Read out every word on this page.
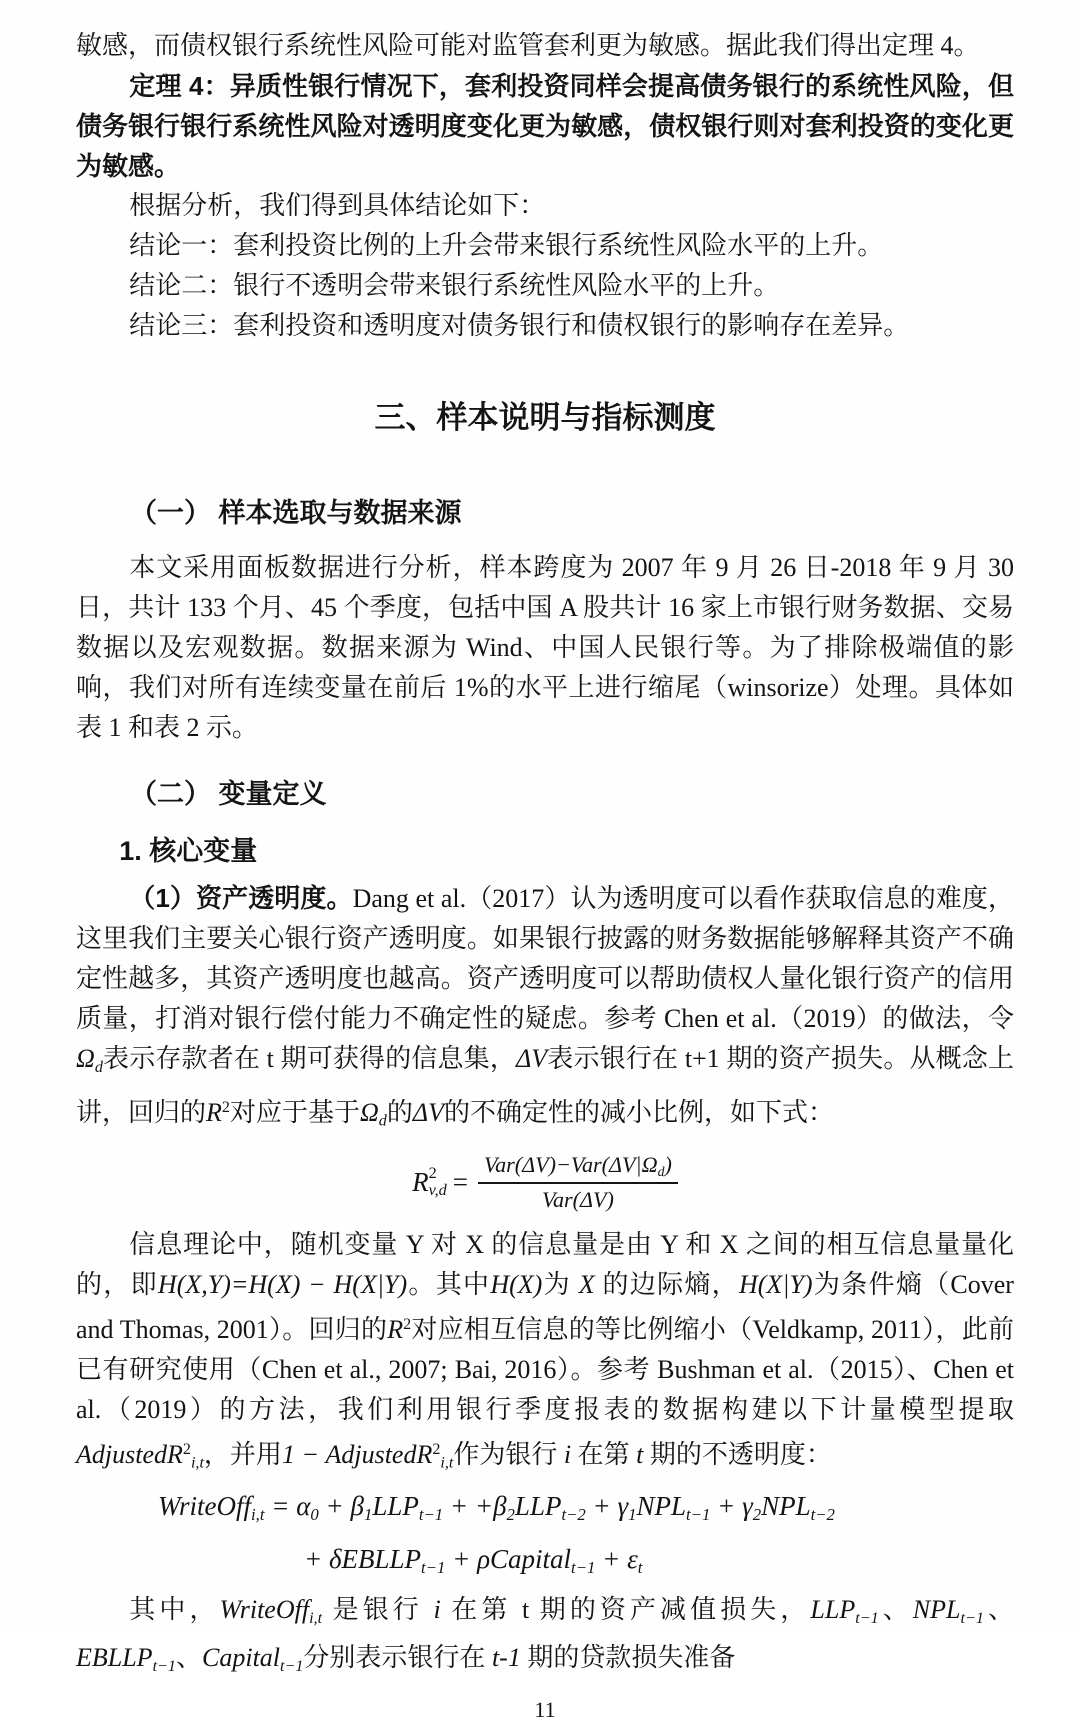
敏感，而债权银行系统性风险可能对监管套利更为敏感。据此我们得出定理 4。

定理 4：异质性银行情况下，套利投资同样会提高债务银行的系统性风险，但债务银行银行系统性风险对透明度变化更为敏感，债权银行则对套利投资的变化更为敏感。

根据分析，我们得到具体结论如下：

结论一：套利投资比例的上升会带来银行系统性风险水平的上升。

结论二：银行不透明会带来银行系统性风险水平的上升。

结论三：套利投资和透明度对债务银行和债权银行的影响存在差异。

三、样本说明与指标测度
（一） 样本选取与数据来源

本文采用面板数据进行分析，样本跨度为 2007 年 9 月 26 日-2018 年 9 月 30 日，共计 133 个月、45 个季度，包括中国 A 股共计 16 家上市银行财务数据、交易数据以及宏观数据。数据来源为 Wind、中国人民银行等。为了排除极端值的影响，我们对所有连续变量在前后 1%的水平上进行缩尾（winsorize）处理。具体如表 1 和表 2 示。

（二） 变量定义
1. 核心变量

（1）资产透明度。Dang et al.（2017）认为透明度可以看作获取信息的难度，这里我们主要关心银行资产透明度。如果银行披露的财务数据能够解释其资产不确定性越多，其资产透明度也越高。资产透明度可以帮助债权人量化银行资产的信用质量，打消对银行偿付能力不确定性的疑虑。参考 Chen et al.（2019）的做法，令$\Omega_d$表示存款者在 t 期可获得的信息集，ΔV表示银行在 t+1 期的资产损失。从概念上讲，回归的$R^2$对应于基于$\Omega_d$的ΔV的不确定性的减小比例，如下式：

R 2
$v,d = \frac{Var(\Delta V)-Var(\Delta V|\Omega_d)}{\text{Var(ΔV)}}$

信息理论中，随机变量 Y 对 X 的信息量是由 Y 和 X 之间的相互信息量量化的，即H(X,Y)=H(X) − H(X|Y)。其中H(X)为 X 的边际熵，H(X|Y)为条件熵（Cover and Thomas, 2001）。回归的$R^2$对应相互信息的等比例缩小（Veldkamp, 2011），此前已有研究使用（Chen et al., 2007; Bai, 2016）。参考 Bushman et al.（2015）、Chen et al.（2019）的方法，我们利用银行季度报表的数据构建以下计量模型提取 AdjustedR$^2_{i,t}$，并用1 − AdjustedR$^2_{i,t}$作为银行 i 在第 t 期的不透明度：

WriteOff$_{i,t}$ = $\alpha_0 + \beta_1LLP_{t-1} + +\beta_2LLP_{t-2} + \gamma_1NPL_{t-1} + \gamma_2NPL_{t-2}$
+ δEBLLP$_{t-1}$ + ρCapital$_{t-1}$ + $\varepsilon_t$

其中，WriteOff$_{i,t}$ 是银行 i 在第 t 期的资产减值损失，$LLP_{t-1}$、$NPL_{t-1}$、$EBLLP_{t-1}$、Capital$_{t-1}$分别表示银行在 t-1 期的贷款损失准备

11
